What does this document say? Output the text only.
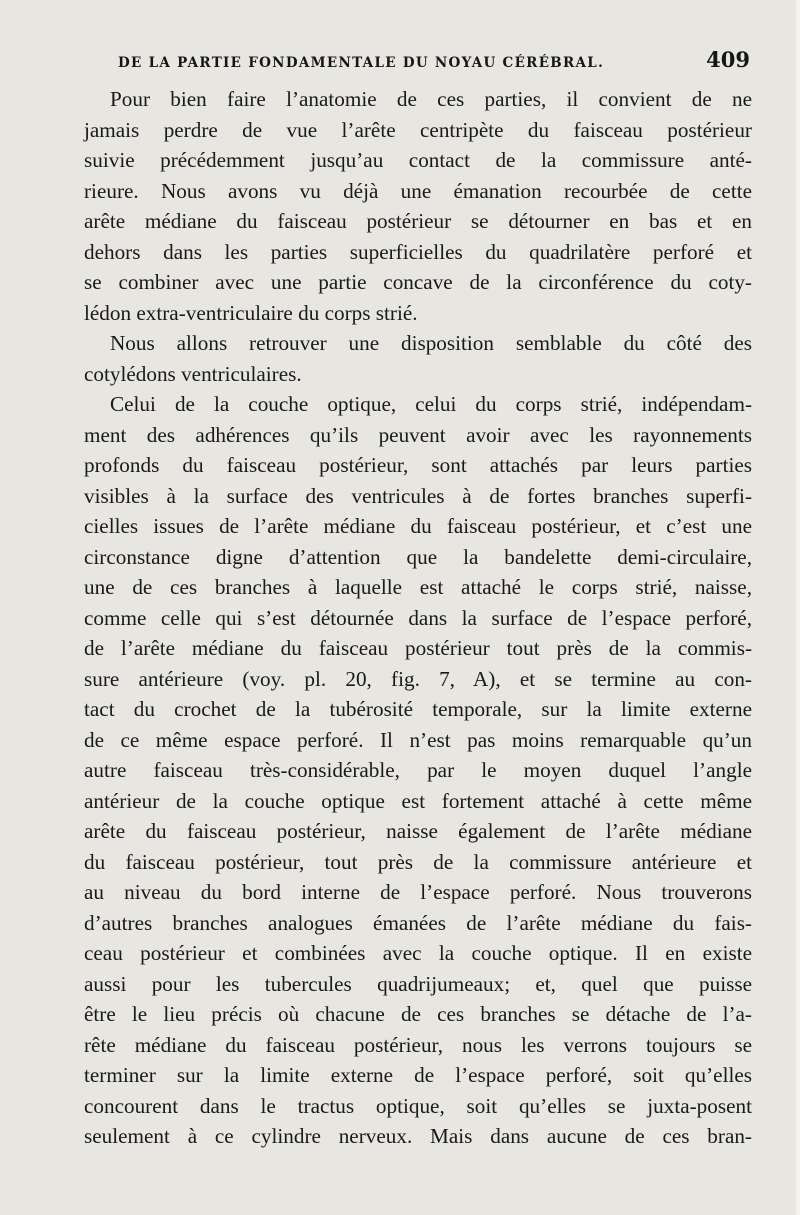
DE LA PARTIE FONDAMENTALE DU NOYAU CÉRÉBRAL.	409
Pour bien faire l’anatomie de ces parties, il convient de ne
jamais perdre de vue l’arête centripète du faisceau postérieur
suivie précédemment jusqu’au contact de la commissure anté-
rieure. Nous avons vu déjà une émanation recourbée de cette
arête médiane du faisceau postérieur se détourner en bas et en
dehors dans les parties superficielles du quadrilatère perforé et
se combiner avec une partie concave de la circonférence du coty-
lédon extra-ventriculaire du corps strié.
Nous allons retrouver une disposition semblable du côté des
cotylédons ventriculaires.
Celui de la couche optique, celui du corps strié, indépendam-
ment des adhérences qu’ils peuvent avoir avec les rayonnements
profonds du faisceau postérieur, sont attachés par leurs parties
visibles à la surface des ventricules à de fortes branches superfi-
cielles issues de l’arête médiane du faisceau postérieur, et c’est une
circonstance digne d’attention que la bandelette demi-circulaire,
une de ces branches à laquelle est attaché le corps strié, naisse,
comme celle qui s’est détournée dans la surface de l’espace perforé,
de l’arête médiane du faisceau postérieur tout près de la commis-
sure antérieure (voy. pl. 20, fig. 7, A), et se termine au con-
tact du crochet de la tubérosité temporale, sur la limite externe
de ce même espace perforé. Il n’est pas moins remarquable qu’un
autre faisceau très-considérable, par le moyen duquel l’angle
antérieur de la couche optique est fortement attaché à cette même
arête du faisceau postérieur, naisse également de l’arête médiane
du faisceau postérieur, tout près de la commissure antérieure et
au niveau du bord interne de l’espace perforé. Nous trouverons
d’autres branches analogues émanées de l’arête médiane du fais-
ceau postérieur et combinées avec la couche optique. Il en existe
aussi pour les tubercules quadrijumeaux; et, quel que puisse
être le lieu précis où chacune de ces branches se détache de l’a-
rête médiane du faisceau postérieur, nous les verrons toujours se
terminer sur la limite externe de l’espace perforé, soit qu’elles
concourent dans le tractus optique, soit qu’elles se juxta-posent
seulement à ce cylindre nerveux. Mais dans aucune de ces bran-
